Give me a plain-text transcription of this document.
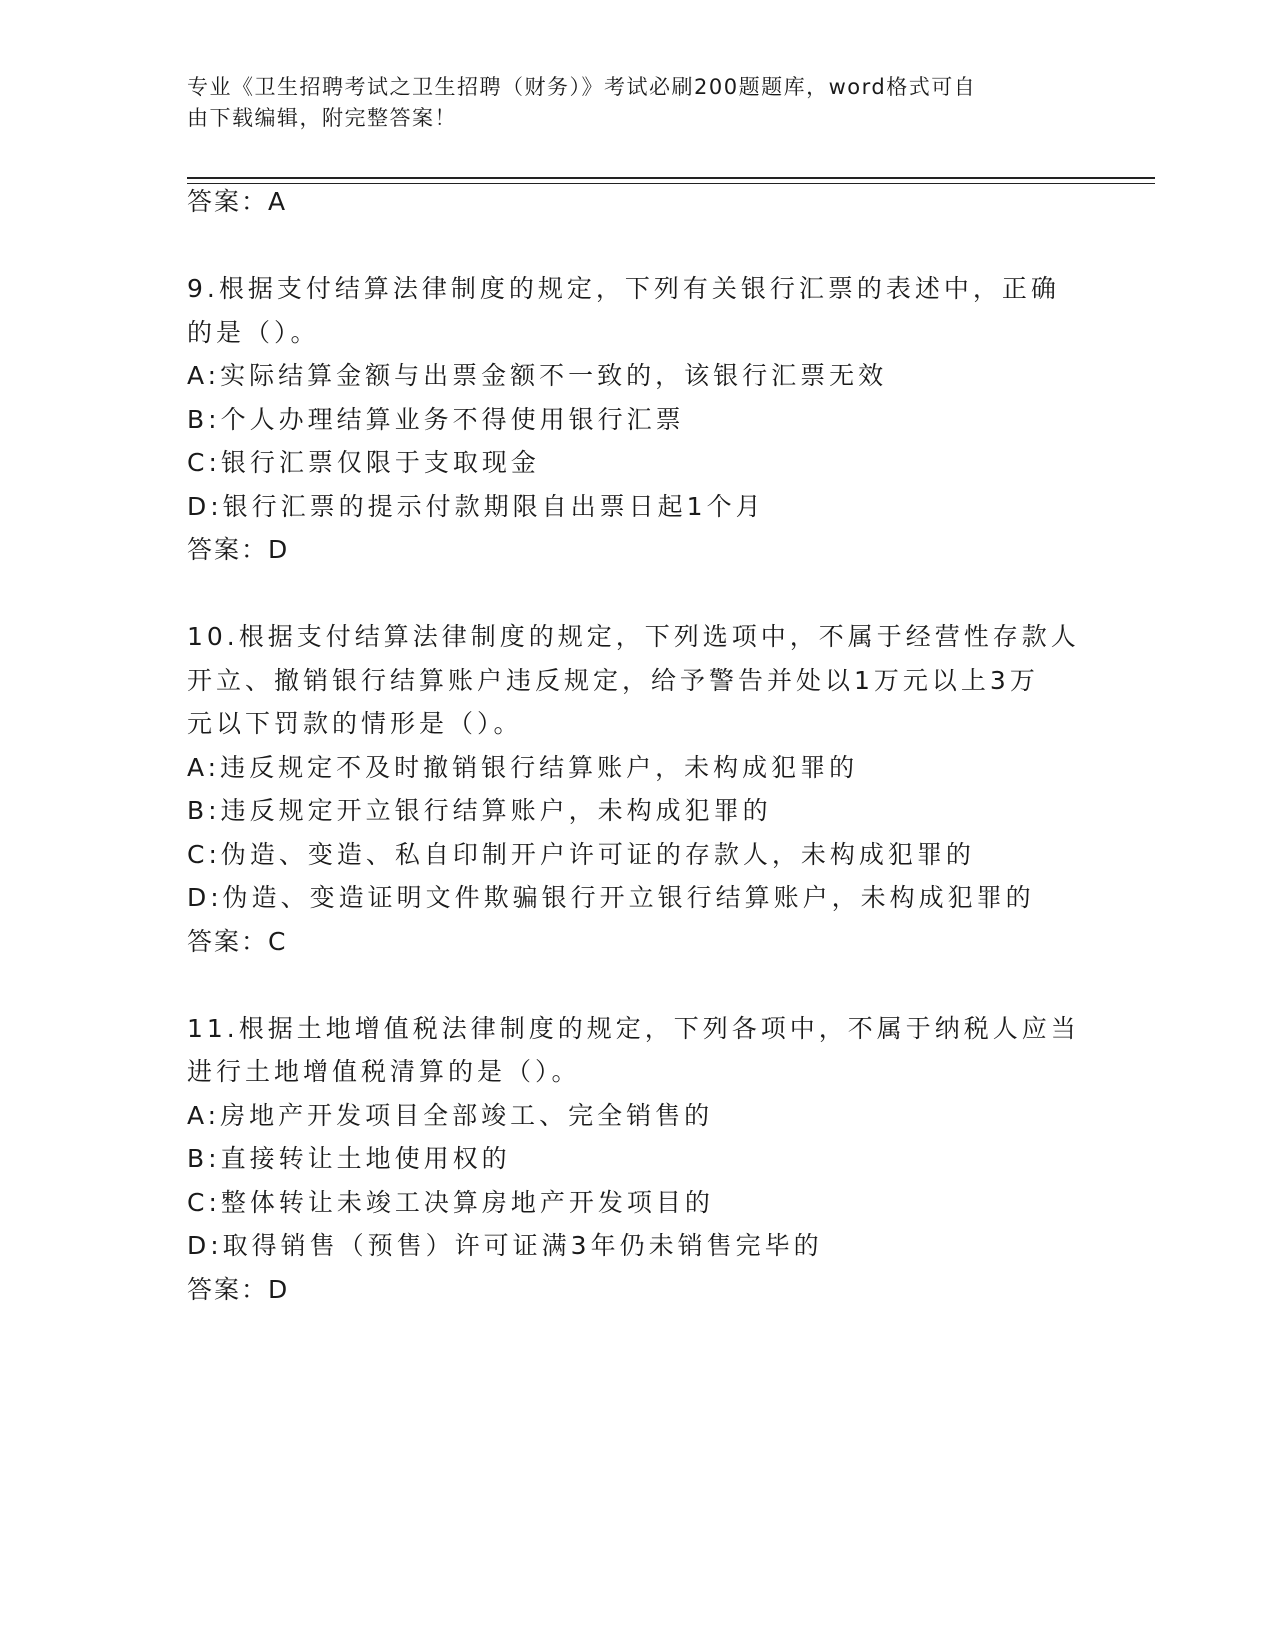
专业《卫生招聘考试之卫生招聘（财务）》考试必刷200题题库，word格式可自
由下载编辑，附完整答案！
答案：A
9.根据支付结算法律制度的规定，下列有关银行汇票的表述中，正确
的是（）。
A:实际结算金额与出票金额不一致的，该银行汇票无效
B:个人办理结算业务不得使用银行汇票
C:银行汇票仅限于支取现金
D:银行汇票的提示付款期限自出票日起1个月
答案：D
10.根据支付结算法律制度的规定，下列选项中，不属于经营性存款人
开立、撤销银行结算账户违反规定，给予警告并处以1万元以上3万
元以下罚款的情形是（）。
A:违反规定不及时撤销银行结算账户，未构成犯罪的
B:违反规定开立银行结算账户，未构成犯罪的
C:伪造、变造、私自印制开户许可证的存款人，未构成犯罪的
D:伪造、变造证明文件欺骗银行开立银行结算账户，未构成犯罪的
答案：C
11.根据土地增值税法律制度的规定，下列各项中，不属于纳税人应当
进行土地增值税清算的是（）。
A:房地产开发项目全部竣工、完全销售的
B:直接转让土地使用权的
C:整体转让未竣工决算房地产开发项目的
D:取得销售（预售）许可证满3年仍未销售完毕的
答案：D
